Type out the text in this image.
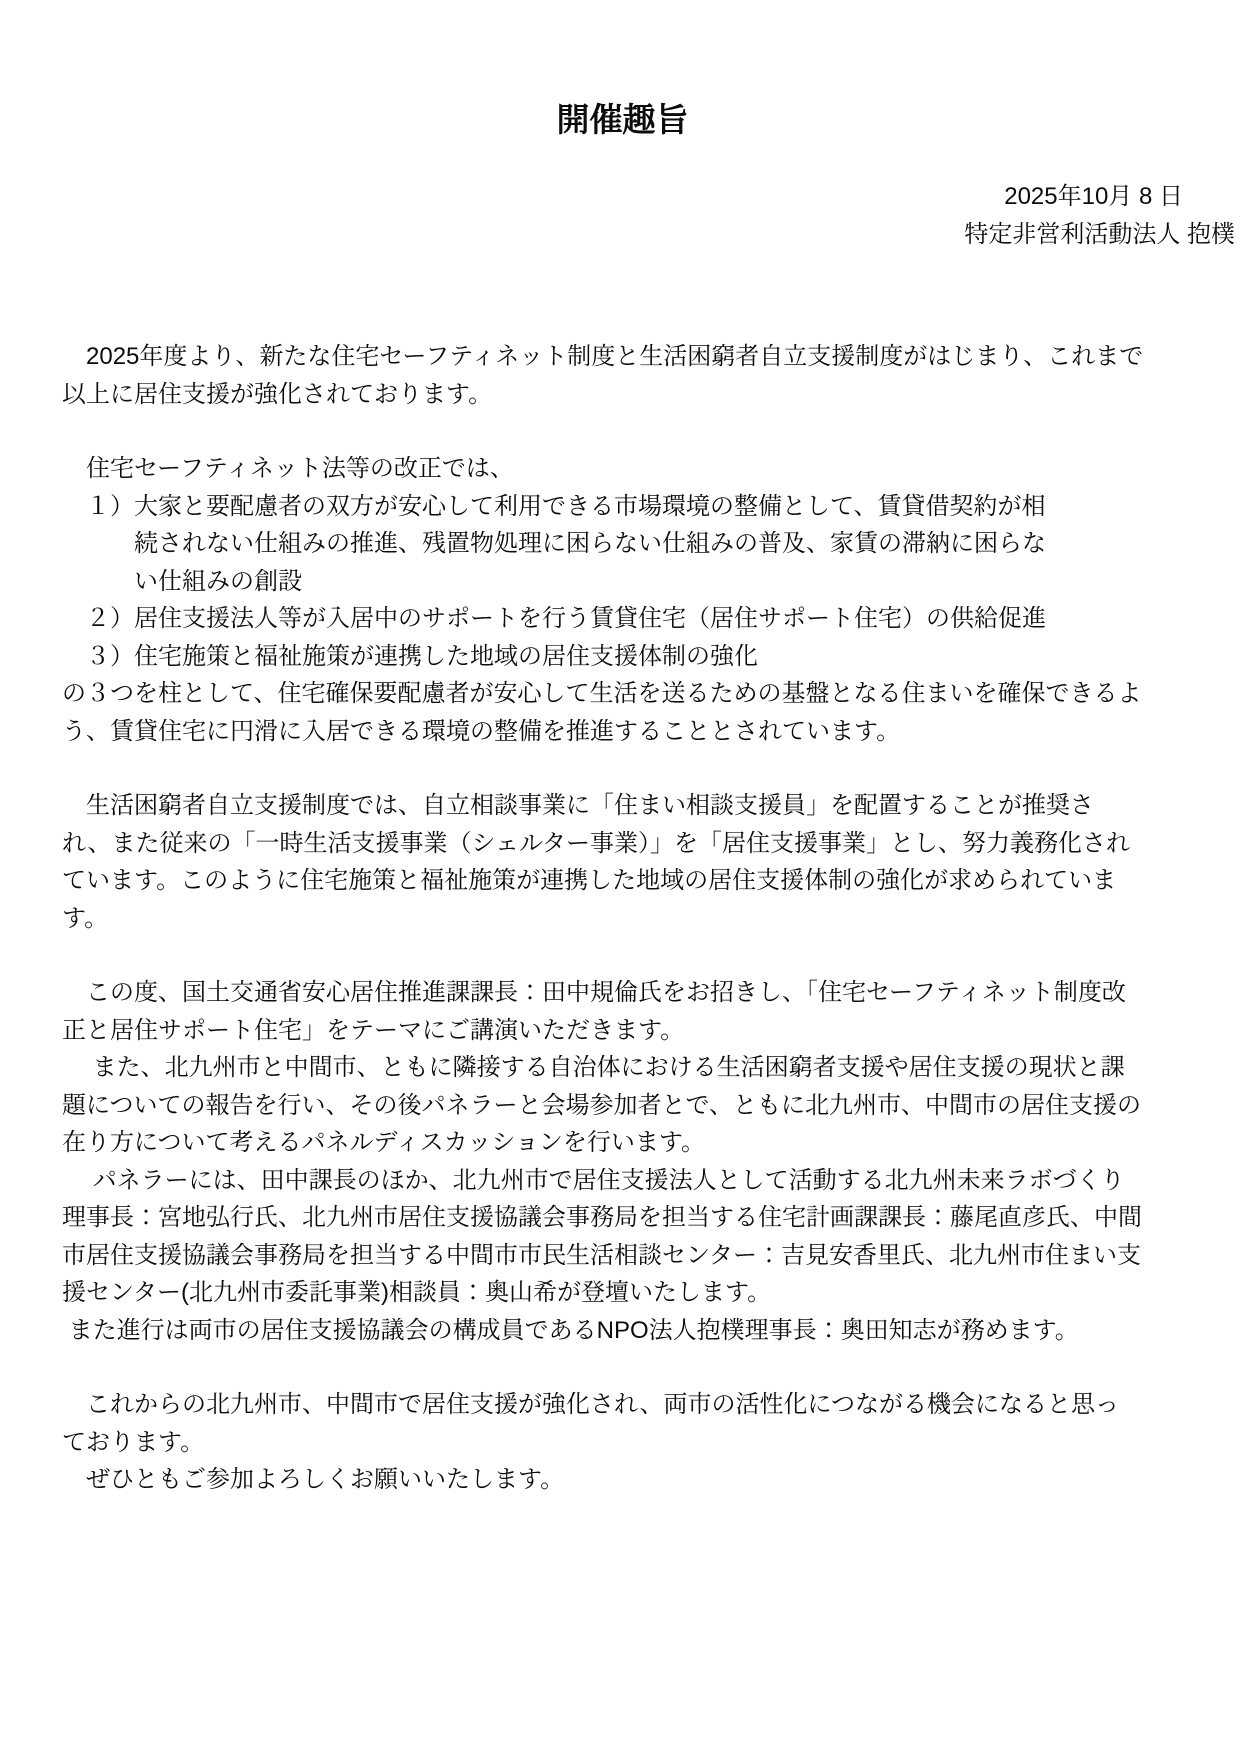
開催趣旨
2025年10月 8 日
特定非営利活動法人 抱樸
　2025年度より、新たな住宅セーフティネット制度と生活困窮者自立支援制度がはじまり、これまで
以上に居住支援が強化されております。
　住宅セーフティネット法等の改正では、
　１）大家と要配慮者の双方が安心して利用できる市場環境の整備として、賃貸借契約が相
　　　続されない仕組みの推進、残置物処理に困らない仕組みの普及、家賃の滞納に困らな
　　　い仕組みの創設
　２）居住支援法人等が入居中のサポートを行う賃貸住宅（居住サポート住宅）の供給促進
　３）住宅施策と福祉施策が連携した地域の居住支援体制の強化
の３つを柱として、住宅確保要配慮者が安心して生活を送るための基盤となる住まいを確保できるよ
う、賃貸住宅に円滑に入居できる環境の整備を推進することとされています。
　生活困窮者自立支援制度では、自立相談事業に「住まい相談支援員」を配置することが推奨さ
れ、また従来の「一時生活支援事業（シェルター事業）」を「居住支援事業」とし、努力義務化され
ています。このように住宅施策と福祉施策が連携した地域の居住支援体制の強化が求められていま
す。
　この度、国土交通省安心居住推進課課長：田中規倫氏をお招きし、「住宅セーフティネット制度改
正と居住サポート住宅」をテーマにご講演いただきます。
　 また、北九州市と中間市、ともに隣接する自治体における生活困窮者支援や居住支援の現状と課
題についての報告を行い、その後パネラーと会場参加者とで、ともに北九州市、中間市の居住支援の
在り方について考えるパネルディスカッションを行います。
　 パネラーには、田中課長のほか、北九州市で居住支援法人として活動する北九州未来ラボづくり
理事長：宮地弘行氏、北九州市居住支援協議会事務局を担当する住宅計画課課長：藤尾直彦氏、中間
市居住支援協議会事務局を担当する中間市市民生活相談センター：吉見安香里氏、北九州市住まい支
援センター(北九州市委託事業)相談員：奥山希が登壇いたします。
また進行は両市の居住支援協議会の構成員であるNPO法人抱樸理事長：奥田知志が務めます。
　これからの北九州市、中間市で居住支援が強化され、両市の活性化につながる機会になると思っ
ております。
　ぜひともご参加よろしくお願いいたします。
